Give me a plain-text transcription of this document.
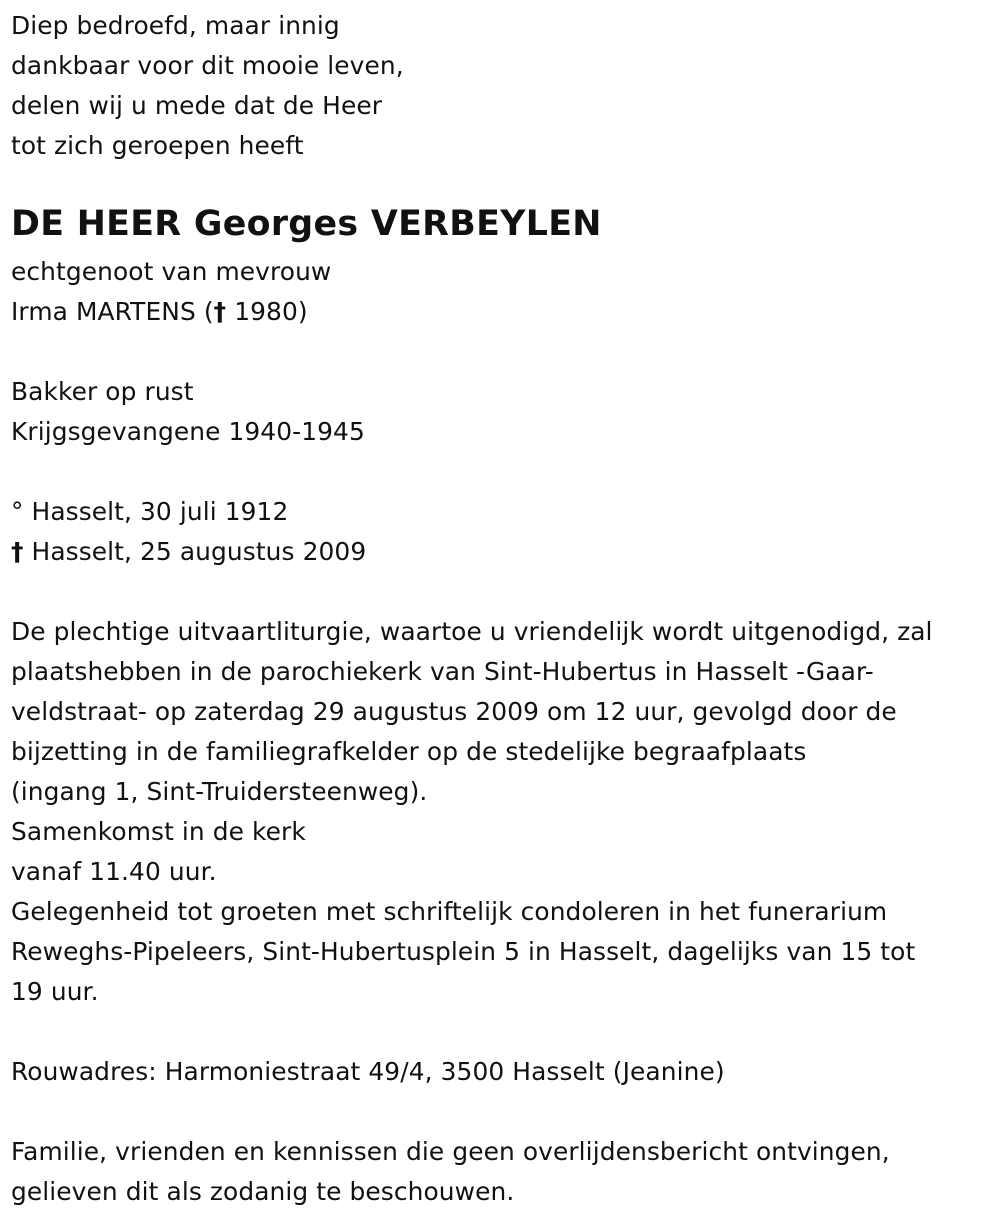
Diep bedroefd, maar innig
dankbaar voor dit mooie leven,
delen wij u mede dat de Heer
tot zich geroepen heeft
DE HEER Georges VERBEYLEN
echtgenoot van mevrouw
Irma MARTENS († 1980)
Bakker op rust
Krijgsgevangene 1940-1945
° Hasselt, 30 juli 1912
† Hasselt, 25 augustus 2009
De plechtige uitvaartliturgie, waartoe u vriendelijk wordt uitgenodigd, zal
plaatshebben in de parochiekerk van Sint-Hubertus in Hasselt -Gaar-
veldstraat- op zaterdag 29 augustus 2009 om 12 uur, gevolgd door de
bijzetting in de familiegrafkelder op de stedelijke begraafplaats
(ingang 1, Sint-Truidersteenweg).
Samenkomst in de kerk
vanaf 11.40 uur.
Gelegenheid tot groeten met schriftelijk condoleren in het funerarium
Reweghs-Pipeleers, Sint-Hubertusplein 5 in Hasselt, dagelijks van 15 tot
19 uur.
Rouwadres: Harmoniestraat 49/4, 3500 Hasselt (Jeanine)
Familie, vrienden en kennissen die geen overlijdensbericht ontvingen,
gelieven dit als zodanig te beschouwen.
